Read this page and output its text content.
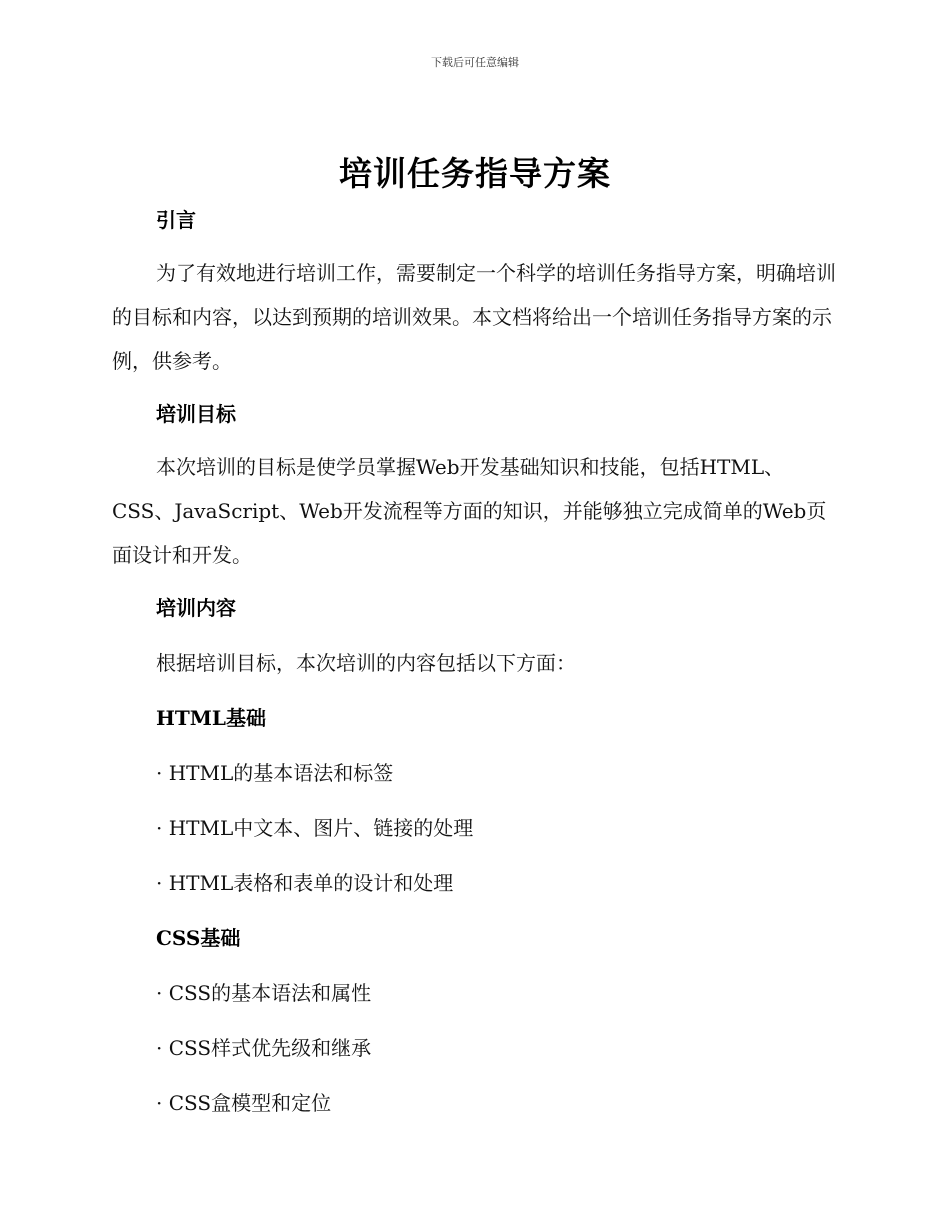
下载后可任意编辑
培训任务指导方案
引言

为了有效地进行培训工作，需要制定一个科学的培训任务指导方案，明确培训的目标和内容，以达到预期的培训效果。本文档将给出一个培训任务指导方案的示例，供参考。

培训目标

本次培训的目标是使学员掌握Web开发基础知识和技能，包括HTML、CSS、JavaScript、Web开发流程等方面的知识，并能够独立完成简单的Web页面设计和开发。

培训内容
根据培训目标，本次培训的内容包括以下方面：
HTML基础
· HTML的基本语法和标签
· HTML中文本、图片、链接的处理
· HTML表格和表单的设计和处理
CSS基础
· CSS的基本语法和属性
· CSS样式优先级和继承
· CSS盒模型和定位
